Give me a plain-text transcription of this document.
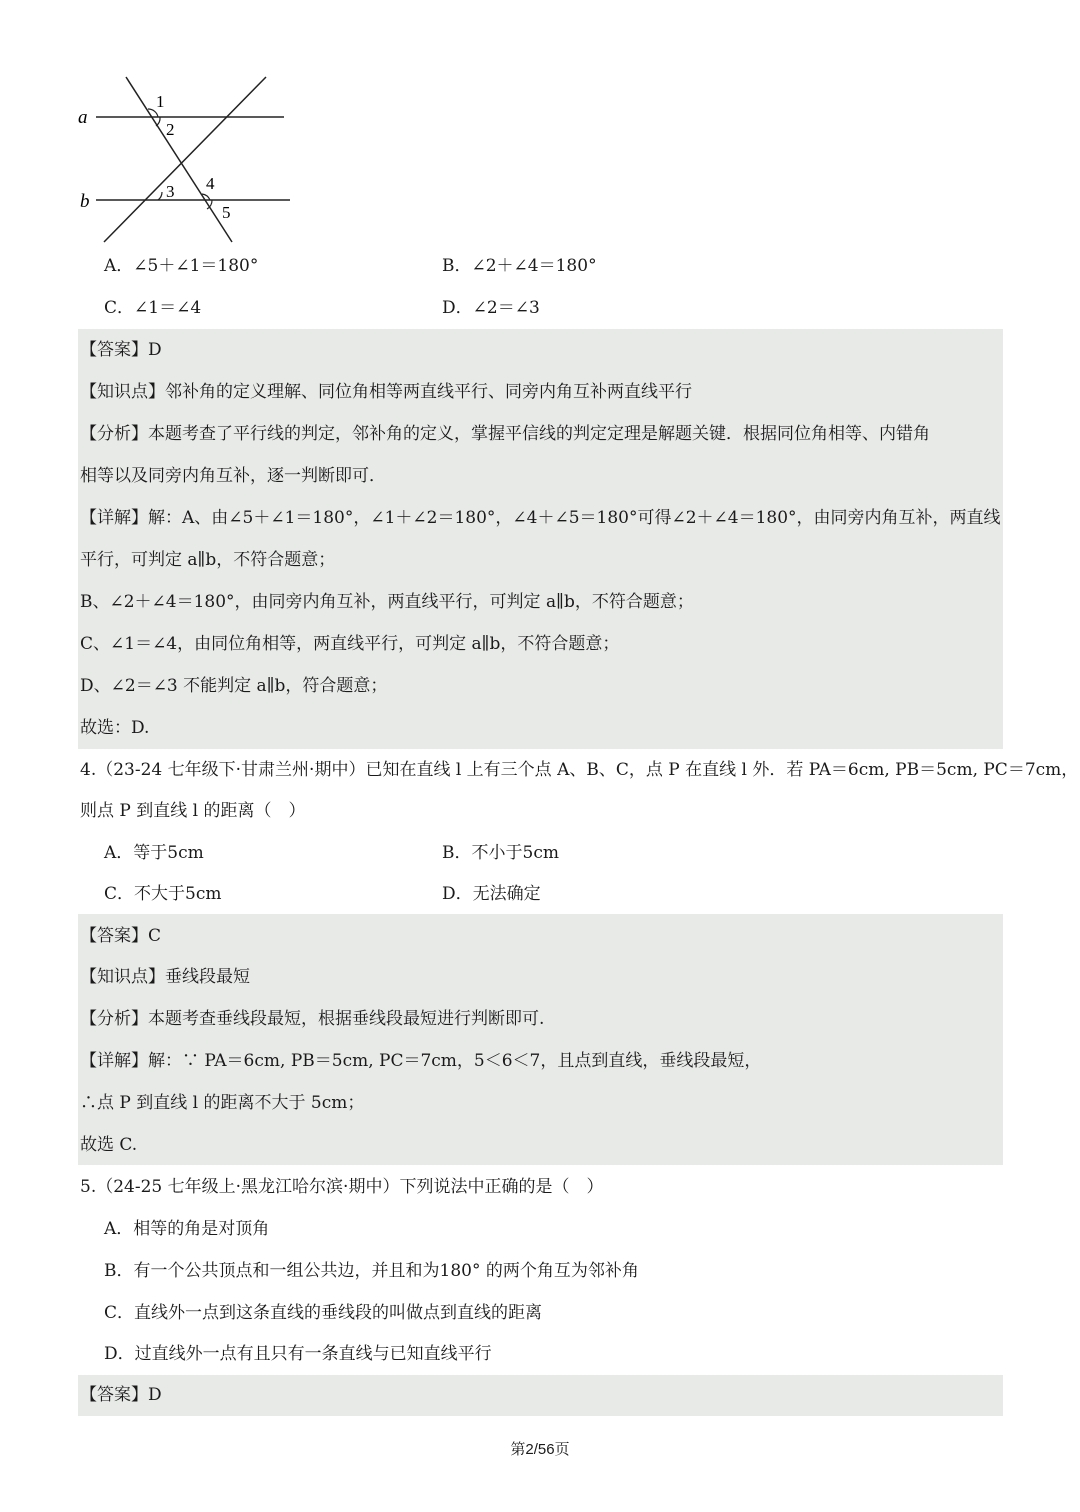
a
b
1
2
3 4
5
A．∠5＋∠1＝180°	B．∠2＋∠4＝180°
C．∠1＝∠4	D．∠2＝∠3
【答案】D
【知识点】邻补角的定义理解、同位角相等两直线平行、同旁内角互补两直线平行
【分析】本题考查了平行线的判定，邻补角的定义，掌握平信线的判定定理是解题关键．根据同位角相等、内错角
相等以及同旁内角互补，逐一判断即可．
【详解】解：A、由∠5＋∠1＝180°，∠1＋∠2＝180°，∠4＋∠5＝180°可得∠2＋∠4＝180°，由同旁内角互补，两直线
平行，可判定 a∥b，不符合题意；
B、∠2＋∠4＝180°，由同旁内角互补，两直线平行，可判定 a∥b，不符合题意；
C、∠1＝∠4，由同位角相等，两直线平行，可判定 a∥b，不符合题意；
D、∠2＝∠3 不能判定 a∥b，符合题意；
故选：D.
4.（23-24 七年级下·甘肃兰州·期中）已知在直线 l 上有三个点 A、B、C，点 P 在直线 l 外．若 PA＝6cm, PB＝5cm, PC＝7cm，
则点 P 到直线 l 的距离（　）
A．等于5cm	B．不小于5cm
C．不大于5cm	D．无法确定
【答案】C
【知识点】垂线段最短
【分析】本题考查垂线段最短，根据垂线段最短进行判断即可.
【详解】解：∵ PA＝6cm, PB＝5cm, PC＝7cm，5＜6＜7，且点到直线，垂线段最短，
∴点 P 到直线 l 的距离不大于 5cm；
故选 C.
5.（24-25 七年级上·黑龙江哈尔滨·期中）下列说法中正确的是（　）
A．相等的角是对顶角
B．有一个公共顶点和一组公共边，并且和为180° 的两个角互为邻补角
C．直线外一点到这条直线的垂线段的叫做点到直线的距离
D．过直线外一点有且只有一条直线与已知直线平行
【答案】D
第2/56页
